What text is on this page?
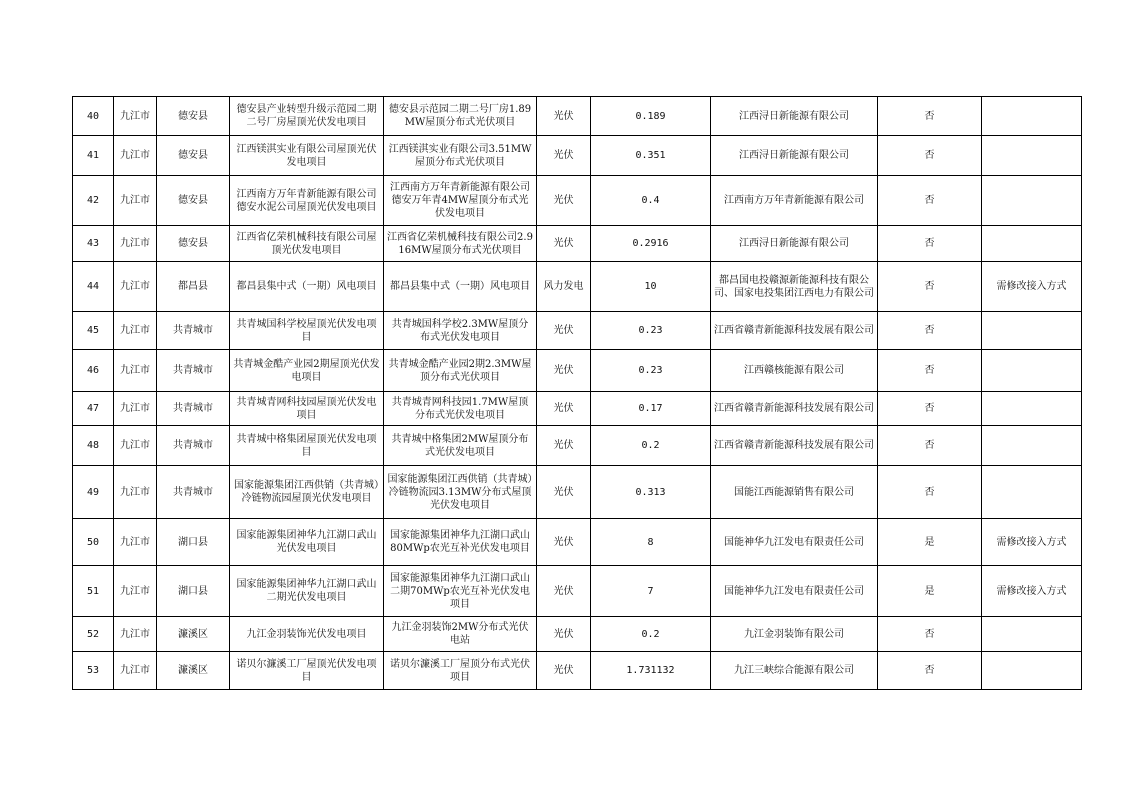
40	九江市	德安县	德安县产业转型升级示范园二期二号厂房屋顶光伏发电项目	德安县示范园二期二号厂房1.89MW屋顶分布式光伏项目	光伏	0.189	江西浔日新能源有限公司	否	
41	九江市	德安县	江西镁淇实业有限公司屋顶光伏发电项目	江西镁淇实业有限公司3.51MW屋顶分布式光伏项目	光伏	0.351	江西浔日新能源有限公司	否	
42	九江市	德安县	江西南方万年青新能源有限公司德安水泥公司屋顶光伏发电项目	江西南方万年青新能源有限公司德安万年青4MW屋顶分布式光伏发电项目	光伏	0.4	江西南方万年青新能源有限公司	否	
43	九江市	德安县	江西省亿荣机械科技有限公司屋顶光伏发电项目	江西省亿荣机械科技有限公司2.916MW屋顶分布式光伏项目	光伏	0.2916	江西浔日新能源有限公司	否	
44	九江市	都昌县	都昌县集中式（一期）风电项目	都昌县集中式（一期）风电项目	风力发电	10	都昌国电投赣源新能源科技有限公司、国家电投集团江西电力有限公司	否	需修改接入方式
45	九江市	共青城市	共青城国科学校屋顶光伏发电项目	共青城国科学校2.3MW屋顶分布式光伏发电项目	光伏	0.23	江西省赣青新能源科技发展有限公司	否	
46	九江市	共青城市	共青城金酷产业园2期屋顶光伏发电项目	共青城金酷产业园2期2.3MW屋顶分布式光伏项目	光伏	0.23	江西赣核能源有限公司	否	
47	九江市	共青城市	共青城青网科技园屋顶光伏发电项目	共青城青网科技园1.7MW屋顶分布式光伏发电项目	光伏	0.17	江西省赣青新能源科技发展有限公司	否	
48	九江市	共青城市	共青城中格集团屋顶光伏发电项目	共青城中格集团2MW屋顶分布式光伏发电项目	光伏	0.2	江西省赣青新能源科技发展有限公司	否	
49	九江市	共青城市	国家能源集团江西供销（共青城）冷链物流园屋顶光伏发电项目	国家能源集团江西供销（共青城）冷链物流园3.13MW分布式屋顶光伏发电项目	光伏	0.313	国能江西能源销售有限公司	否	
50	九江市	湖口县	国家能源集团神华九江湖口武山光伏发电项目	国家能源集团神华九江湖口武山80MWp农光互补光伏发电项目	光伏	8	国能神华九江发电有限责任公司	是	需修改接入方式
51	九江市	湖口县	国家能源集团神华九江湖口武山二期光伏发电项目	国家能源集团神华九江湖口武山二期70MWp农光互补光伏发电项目	光伏	7	国能神华九江发电有限责任公司	是	需修改接入方式
52	九江市	濂溪区	九江金羽装饰光伏发电项目	九江金羽装饰2MW分布式光伏电站	光伏	0.2	九江金羽装饰有限公司	否	
53	九江市	濂溪区	诺贝尔濂溪工厂屋顶光伏发电项目	诺贝尔濂溪工厂屋顶分布式光伏项目	光伏	1.731132	九江三峡综合能源有限公司	否	
